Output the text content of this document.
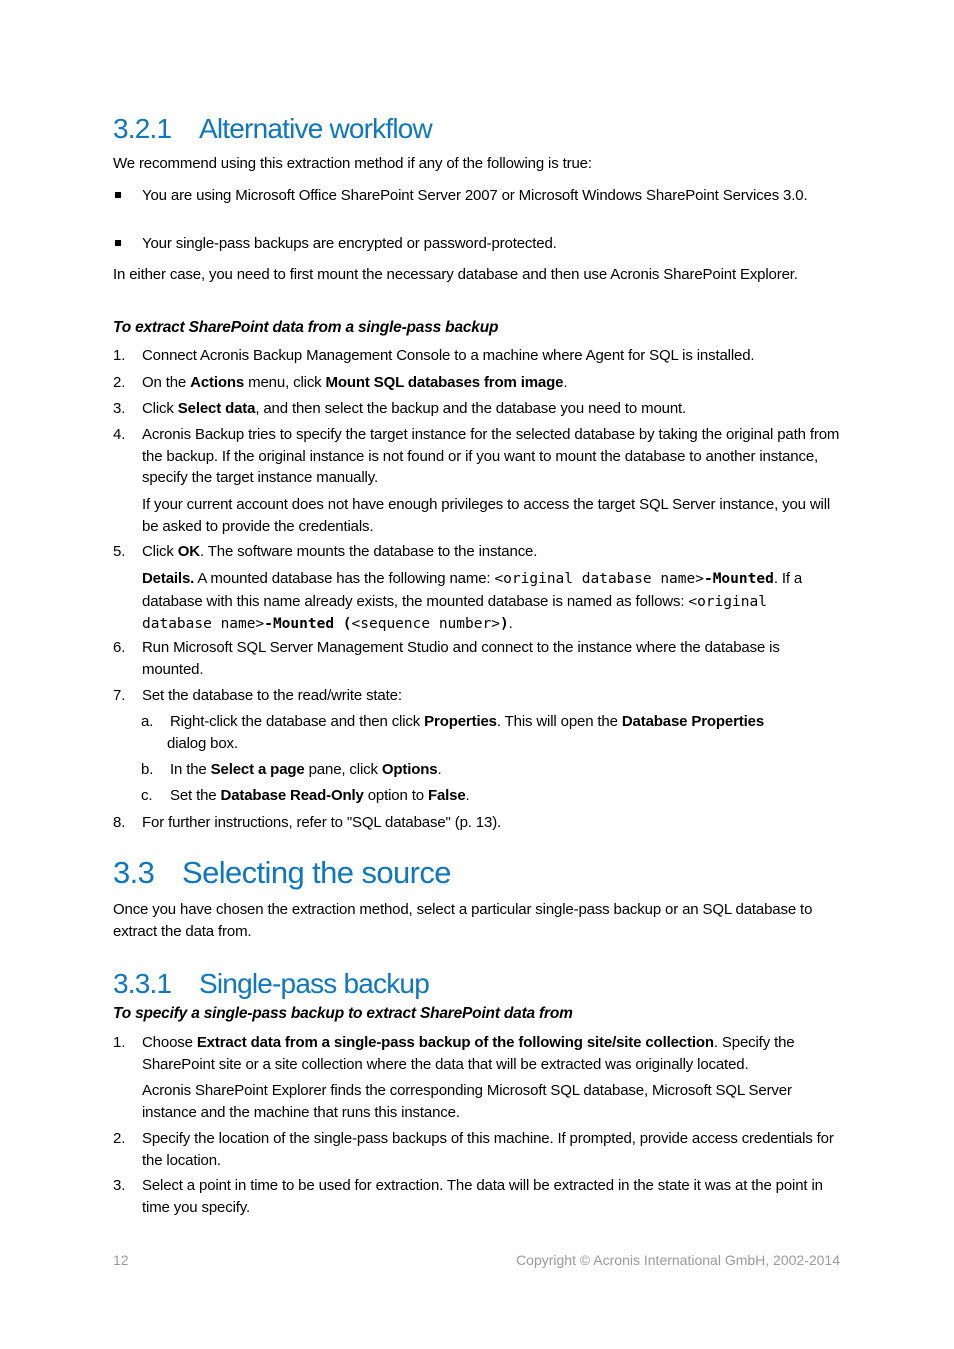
3.2.1 Alternative workflow

We recommend using this extraction method if any of the following is true:

You are using Microsoft Office SharePoint Server 2007 or Microsoft Windows SharePoint Services 3.0.
Your single-pass backups are encrypted or password-protected.

In either case, you need to first mount the necessary database and then use Acronis SharePoint Explorer.

To extract SharePoint data from a single-pass backup

1. Connect Acronis Backup Management Console to a machine where Agent for SQL is installed.
2. On the Actions menu, click Mount SQL databases from image.
3. Click Select data, and then select the backup and the database you need to mount.
4. Acronis Backup tries to specify the target instance for the selected database by taking the original path from the backup. If the original instance is not found or if you want to mount the database to another instance, specify the target instance manually.
If your current account does not have enough privileges to access the target SQL Server instance, you will be asked to provide the credentials.
5. Click OK. The software mounts the database to the instance.
Details. A mounted database has the following name: <original database name>-Mounted. If a database with this name already exists, the mounted database is named as follows: <original database name>-Mounted (<sequence number>).
6. Run Microsoft SQL Server Management Studio and connect to the instance where the database is mounted.
7. Set the database to the read/write state:
a. Right-click the database and then click Properties. This will open the Database Properties
dialog box.
b. In the Select a page pane, click Options.
c. Set the Database Read-Only option to False.
8. For further instructions, refer to "SQL database" (p. 13).
3.3 Selecting the source

Once you have chosen the extraction method, select a particular single-pass backup or an SQL database to extract the data from.

3.3.1 Single-pass backup

To specify a single-pass backup to extract SharePoint data from

1. Choose Extract data from a single-pass backup of the following site/site collection. Specify the SharePoint site or a site collection where the data that will be extracted was originally located.
Acronis SharePoint Explorer finds the corresponding Microsoft SQL database, Microsoft SQL Server instance and the machine that runs this instance.
2. Specify the location of the single-pass backups of this machine. If prompted, provide access credentials for the location.
3. Select a point in time to be used for extraction. The data will be extracted in the state it was at the point in time you specify.
12	Copyright © Acronis International GmbH, 2002-2014
